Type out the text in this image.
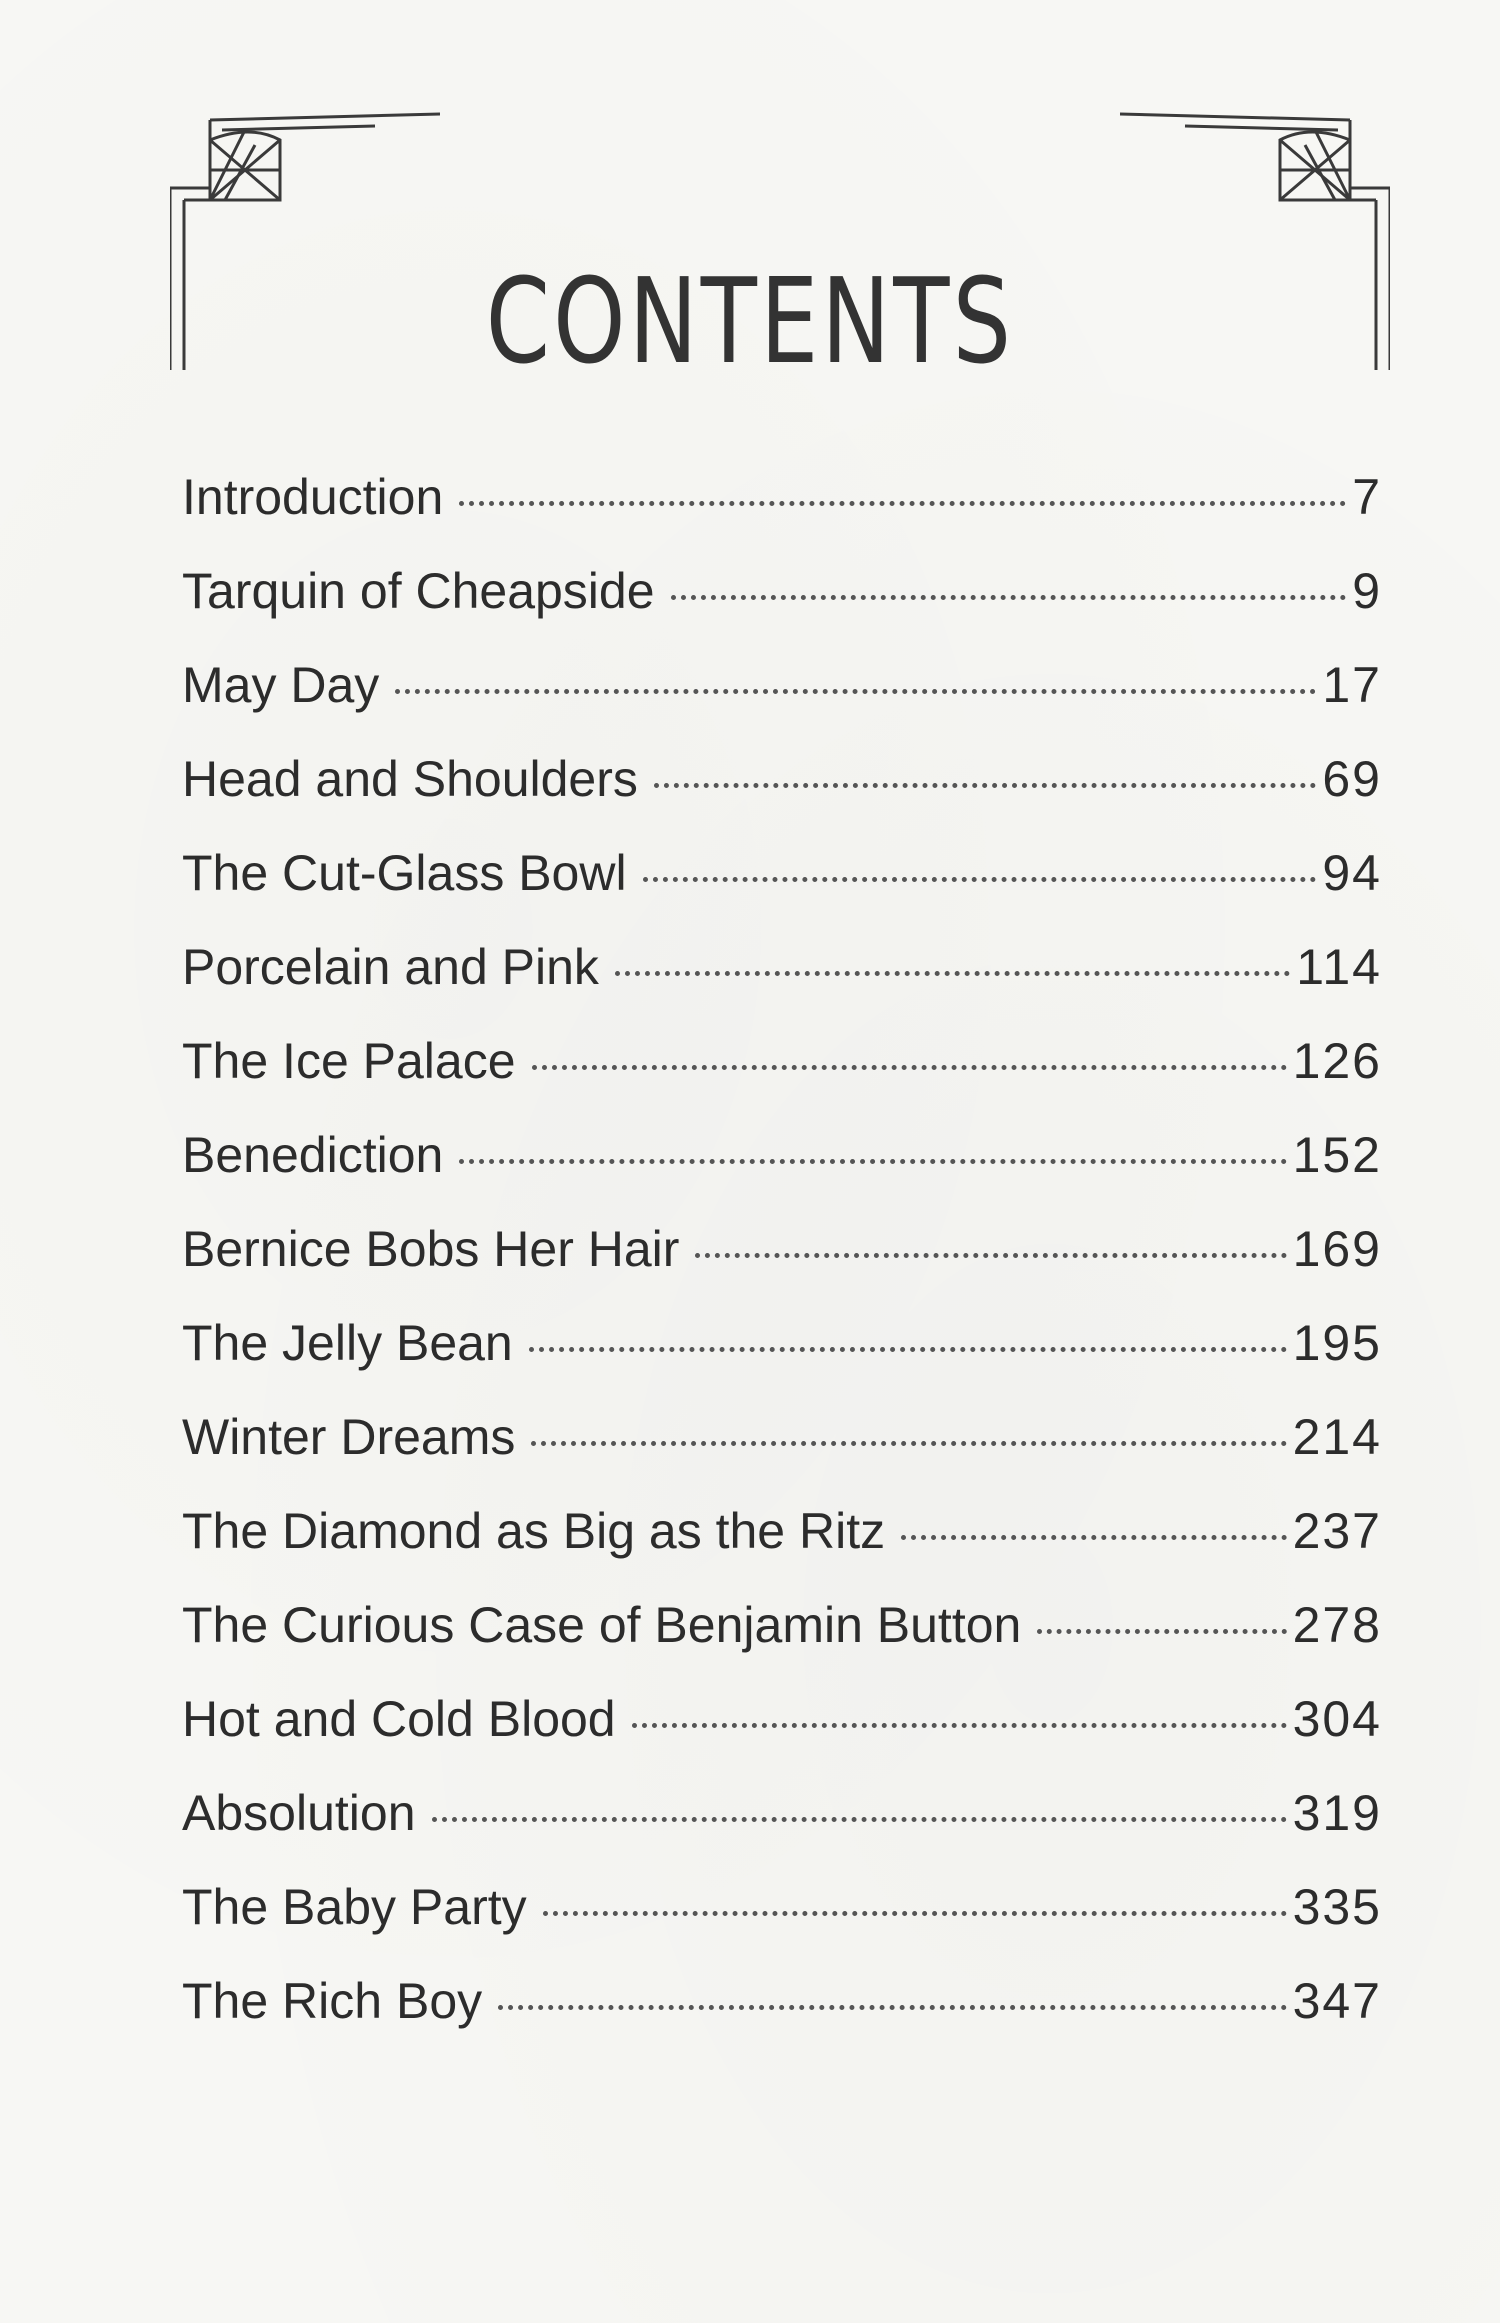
CONTENTS
Introduction	7
Tarquin of Cheapside	9
May Day	17
Head and Shoulders	69
The Cut-Glass Bowl	94
Porcelain and Pink	114
The Ice Palace	126
Benediction	152
Bernice Bobs Her Hair	169
The Jelly Bean	195
Winter Dreams	214
The Diamond as Big as the Ritz	237
The Curious Case of Benjamin Button	278
Hot and Cold Blood	304
Absolution	319
The Baby Party	335
The Rich Boy	347
